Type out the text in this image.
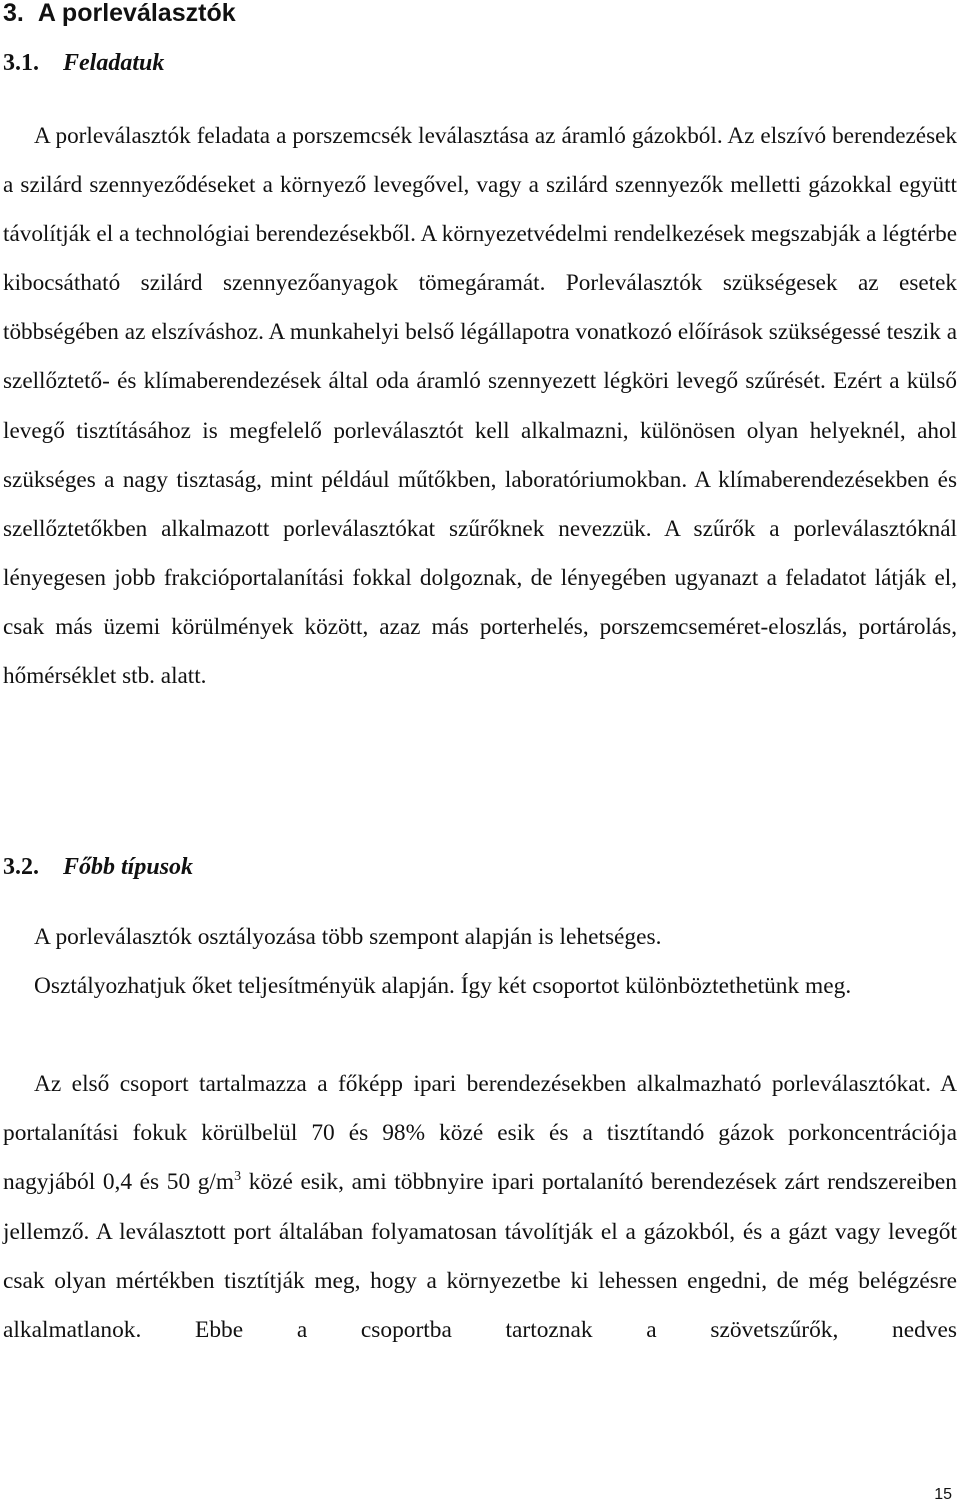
3. A porleválasztók
3.1. Feladatuk

A porleválasztók feladata a porszemcsék leválasztása az áramló gázokból. Az elszívó berendezések a szilárd szennyeződéseket a környező levegővel, vagy a szilárd szennyezők melletti gázokkal együtt távolítják el a technológiai berendezésekből. A környezetvédelmi rendelkezések megszabják a légtérbe kibocsátható szilárd szennyezőanyagok tömegáramát. Porleválasztók szükségesek az esetek többségében az elszíváshoz. A munkahelyi belső légállapotra vonatkozó előírások szükségessé teszik a szellőztető- és klímaberendezések által oda áramló szennyezett légköri levegő szűrését. Ezért a külső levegő tisztításához is megfelelő porleválasztót kell alkalmazni, különösen olyan helyeknél, ahol szükséges a nagy tisztaság, mint például műtőkben, laboratóriumokban. A klímaberendezésekben és szellőztetőkben alkalmazott porleválasztókat szűrőknek nevezzük. A szűrők a porleválasztóknál lényegesen jobb frakcióportalanítási fokkal dolgoznak, de lényegében ugyanazt a feladatot látják el, csak más üzemi körülmények között, azaz más porterhelés, porszemcseméret-eloszlás, portárolás, hőmérséklet stb. alatt.

3.2. Főbb típusok

A porleválasztók osztályozása több szempont alapján is lehetséges.

Osztályozhatjuk őket teljesítményük alapján. Így két csoportot különböztethetünk meg.

Az első csoport tartalmazza a főképp ipari berendezésekben alkalmazható porleválasztókat. A portalanítási fokuk körülbelül 70 és 98% közé esik és a tisztítandó gázok porkoncentrációja nagyjából 0,4 és 50 $g/m^3$ közé esik, ami többnyire ipari portalanító berendezések zárt rendszereiben jellemző. A leválasztott port általában folyamatosan távolítják el a gázokból, és a gázt vagy levegőt csak olyan mértékben tisztítják meg, hogy a környezetbe ki lehessen engedni, de még belégzésre alkalmatlanok. Ebbe a csoportba tartoznak a szövetszűrők, nedves

15
